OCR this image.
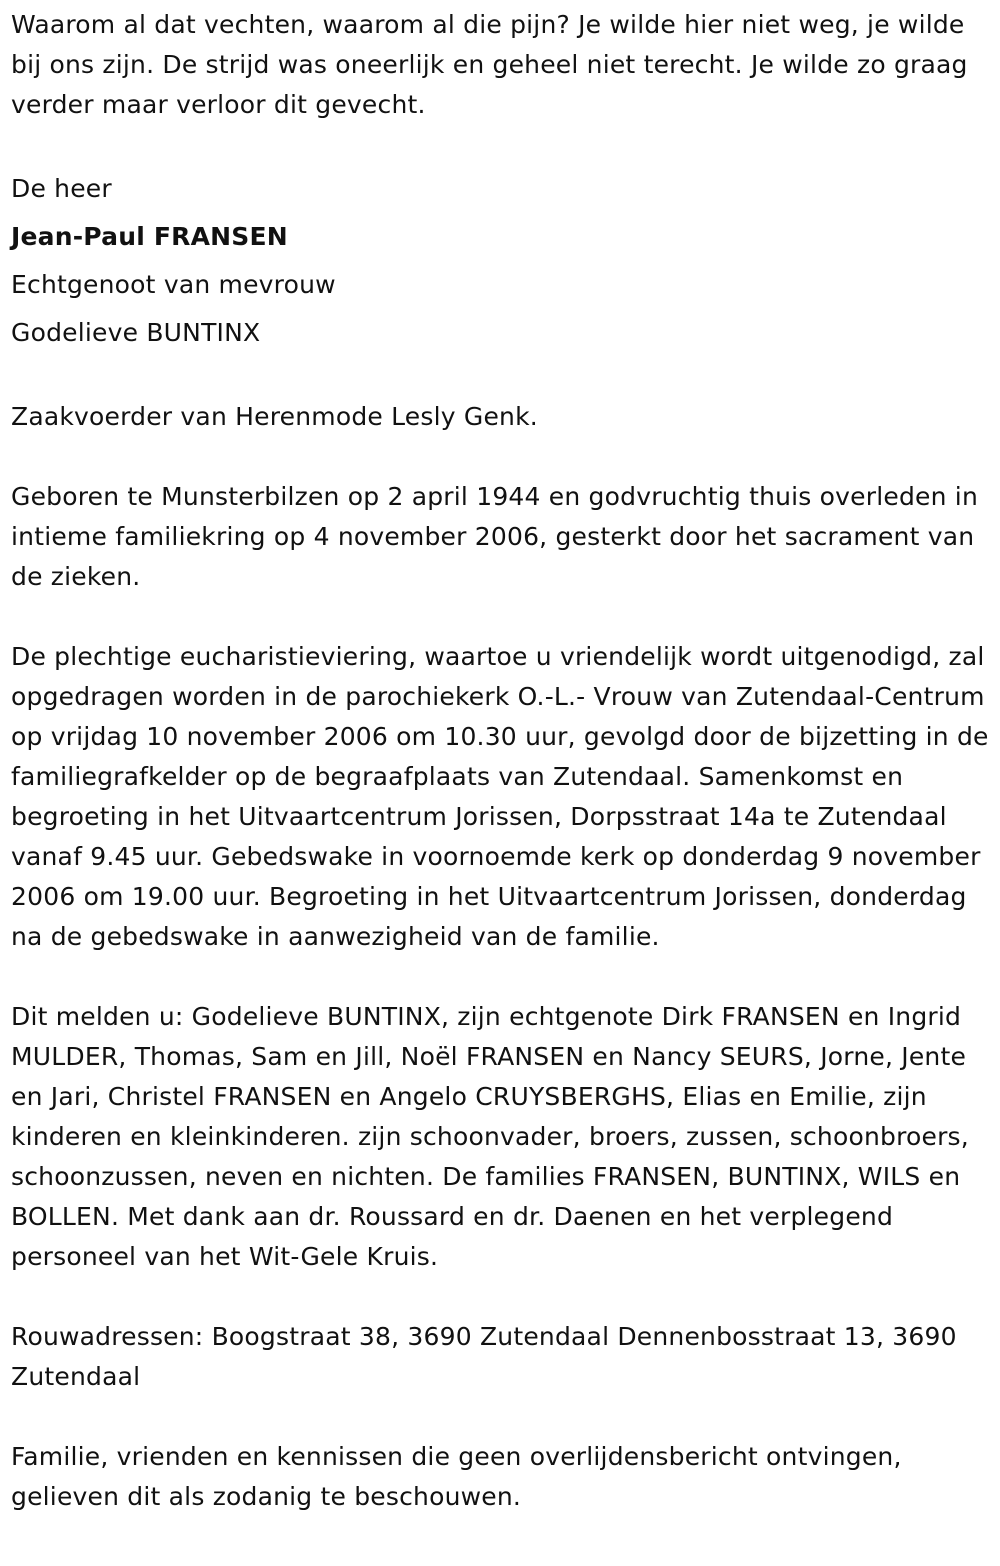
Waarom al dat vechten, waarom al die pijn? Je wilde hier niet weg, je wilde bij ons zijn. De strijd was oneerlijk en geheel niet terecht. Je wilde zo graag verder maar verloor dit gevecht.

De heer

Jean-Paul FRANSEN

Echtgenoot van mevrouw

Godelieve BUNTINX

Zaakvoerder van Herenmode Lesly Genk.

Geboren te Munsterbilzen op 2 april 1944 en godvruchtig thuis overleden in intieme familiekring op 4 november 2006, gesterkt door het sacrament van de zieken.

De plechtige eucharistieviering, waartoe u vriendelijk wordt uitgenodigd, zal opgedragen worden in de parochiekerk O.-L.- Vrouw van Zutendaal-Centrum op vrijdag 10 november 2006 om 10.30 uur, gevolgd door de bijzetting in de familiegrafkelder op de begraafplaats van Zutendaal. Samenkomst en begroeting in het Uitvaartcentrum Jorissen, Dorpsstraat 14a te Zutendaal vanaf 9.45 uur. Gebedswake in voornoemde kerk op donderdag 9 november 2006 om 19.00 uur. Begroeting in het Uitvaartcentrum Jorissen, donderdag na de gebedswake in aanwezigheid van de familie.

Dit melden u: Godelieve BUNTINX, zijn echtgenote Dirk FRANSEN en Ingrid MULDER, Thomas, Sam en Jill, Noël FRANSEN en Nancy SEURS, Jorne, Jente en Jari, Christel FRANSEN en Angelo CRUYSBERGHS, Elias en Emilie, zijn kinderen en kleinkinderen. zijn schoonvader, broers, zussen, schoonbroers, schoonzussen, neven en nichten. De families FRANSEN, BUNTINX, WILS en BOLLEN. Met dank aan dr. Roussard en dr. Daenen en het verplegend personeel van het Wit-Gele Kruis.

Rouwadressen: Boogstraat 38, 3690 Zutendaal Dennenbosstraat 13, 3690 Zutendaal

Familie, vrienden en kennissen die geen overlijdensbericht ontvingen, gelieven dit als zodanig te beschouwen.
